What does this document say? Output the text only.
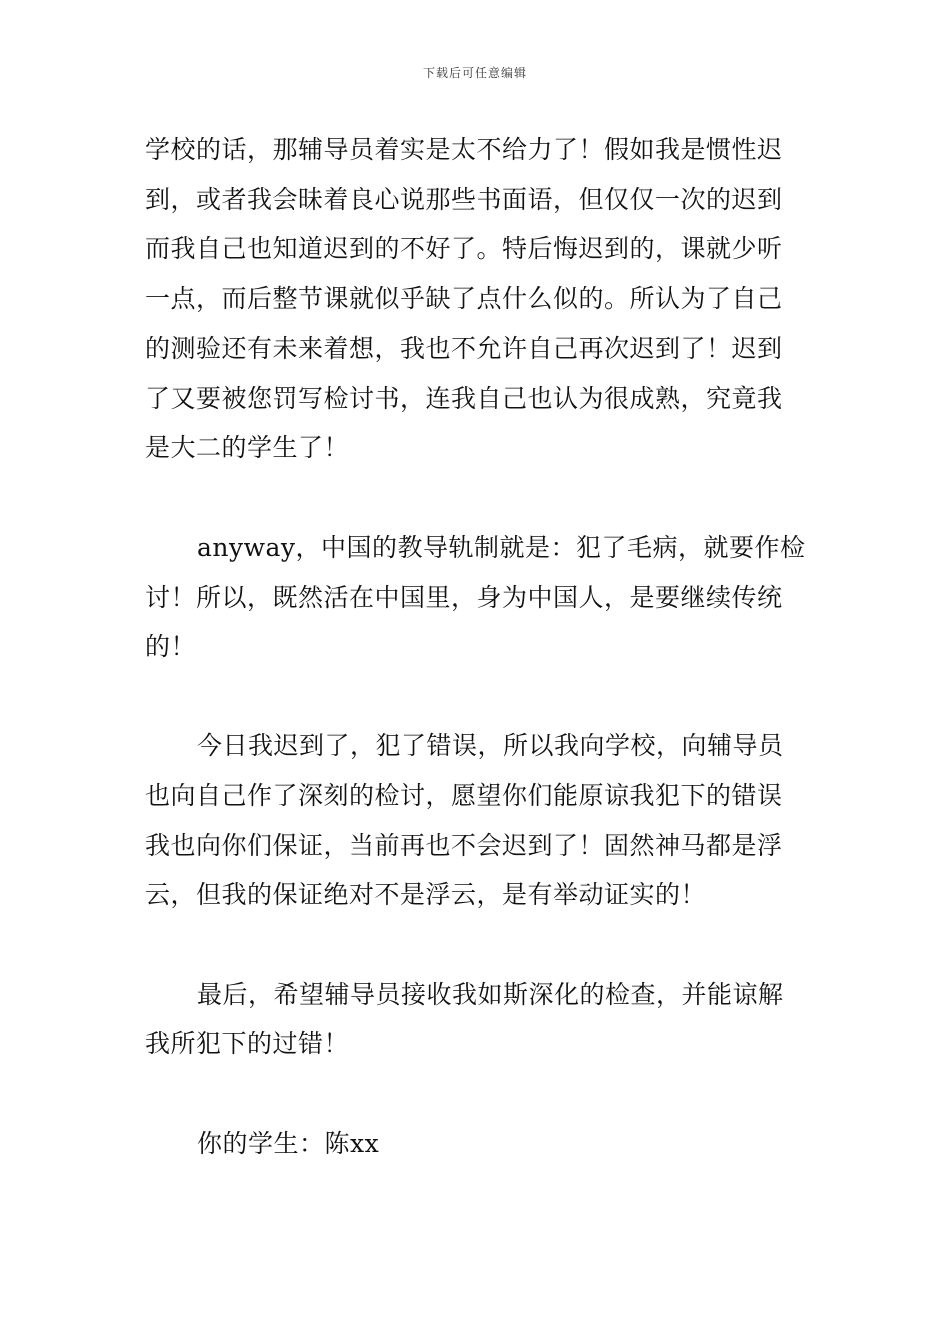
下载后可任意编辑
学校的话，那辅导员着实是太不给力了！假如我是惯性迟
到，或者我会昧着良心说那些书面语，但仅仅一次的迟到
而我自己也知道迟到的不好了。特后悔迟到的，课就少听
一点，而后整节课就似乎缺了点什么似的。所认为了自己
的测验还有未来着想，我也不允许自己再次迟到了！迟到
了又要被您罚写检讨书，连我自己也认为很成熟，究竟我
是大二的学生了！
anyway，中国的教导轨制就是：犯了毛病，就要作检
讨！所以，既然活在中国里，身为中国人，是要继续传统
的！
今日我迟到了，犯了错误，所以我向学校，向辅导员
也向自己作了深刻的检讨，愿望你们能原谅我犯下的错误
我也向你们保证，当前再也不会迟到了！固然神马都是浮
云，但我的保证绝对不是浮云，是有举动证实的！
最后，希望辅导员接收我如斯深化的检查，并能谅解
我所犯下的过错！
你的学生：陈xx
